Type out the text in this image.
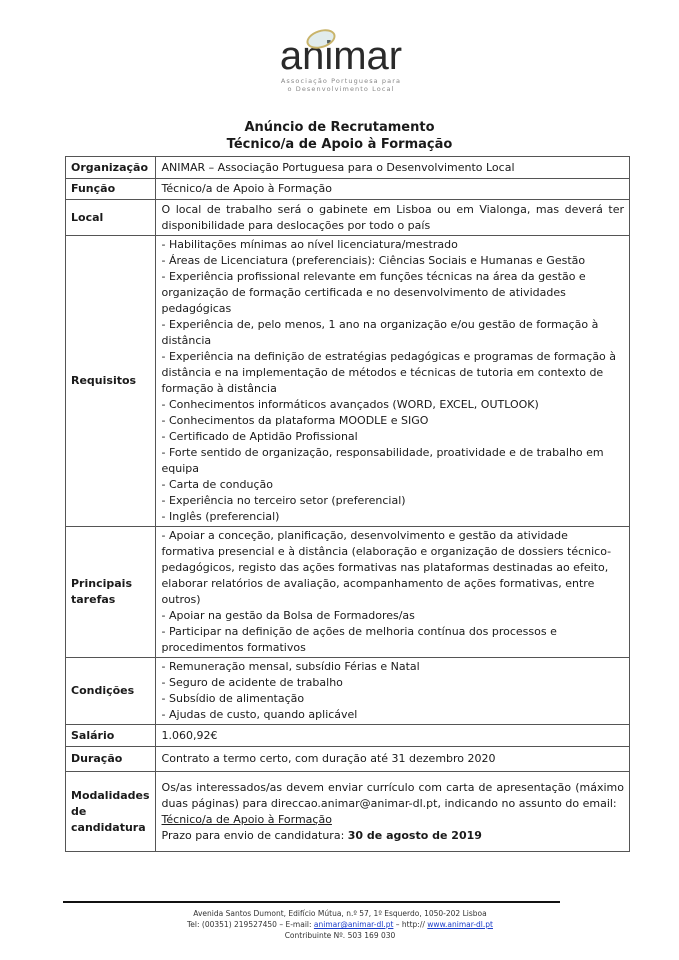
animar
Associação Portuguesa para
o Desenvolvimento Local
Anúncio de Recrutamento
Técnico/a de Apoio à Formação
Organização	ANIMAR – Associação Portuguesa para o Desenvolvimento Local
Função	Técnico/a de Apoio à Formação
Local	O local de trabalho será o gabinete em Lisboa ou em Vialonga, mas deverá ter disponibilidade para deslocações por todo o país
Requisitos	
- Habilitações mínimas ao nível licenciatura/mestrado
- Áreas de Licenciatura (preferenciais): Ciências Sociais e Humanas e Gestão
- Experiência profissional relevante em funções técnicas na área da gestão e organização de formação certificada e no desenvolvimento de atividades pedagógicas
- Experiência de, pelo menos, 1 ano na organização e/ou gestão de formação à distância
- Experiência na definição de estratégias pedagógicas e programas de formação à distância e na implementação de métodos e técnicas de tutoria em contexto de formação à distância
- Conhecimentos informáticos avançados (WORD, EXCEL, OUTLOOK)
- Conhecimentos da plataforma MOODLE e SIGO
- Certificado de Aptidão Profissional
- Forte sentido de organização, responsabilidade, proatividade e de trabalho em equipa
- Carta de condução
- Experiência no terceiro setor (preferencial)
- Inglês (preferencial)

Principais tarefas	- Apoiar a conceção, planificação, desenvolvimento e gestão da atividade formativa presencial e à distância (elaboração e organização de dossiers técnico-pedagógicos, registo das ações formativas nas plataformas destinadas ao efeito, elaborar relatórios de avaliação, acompanhamento de ações formativas, entre outros)
- Apoiar na gestão da Bolsa de Formadores/as
- Participar na definição de ações de melhoria contínua dos processos e procedimentos formativos

Condições	- Remuneração mensal, subsídio Férias e Natal
- Seguro de acidente de trabalho
- Subsídio de alimentação
- Ajudas de custo, quando aplicável

Salário	1.060,92€
Duração	Contrato a termo certo, com duração até 31 dezembro 2020
Modalidades de candidatura	Os/as interessados/as devem enviar currículo com carta de apresentação (máximo duas páginas) para direccao.animar@animar-dl.pt, indicando no assunto do email:
Técnico/a de Apoio à Formação
Prazo para envio de candidatura: 30 de agosto de 2019
Avenida Santos Dumont, Edifício Mútua, n.º 57, 1º Esquerdo, 1050-202 Lisboa
Tel: (00351) 219527450 – E-mail: animar@animar-dl.pt – http:// www.animar-dl.pt
Contribuinte Nº. 503 169 030
